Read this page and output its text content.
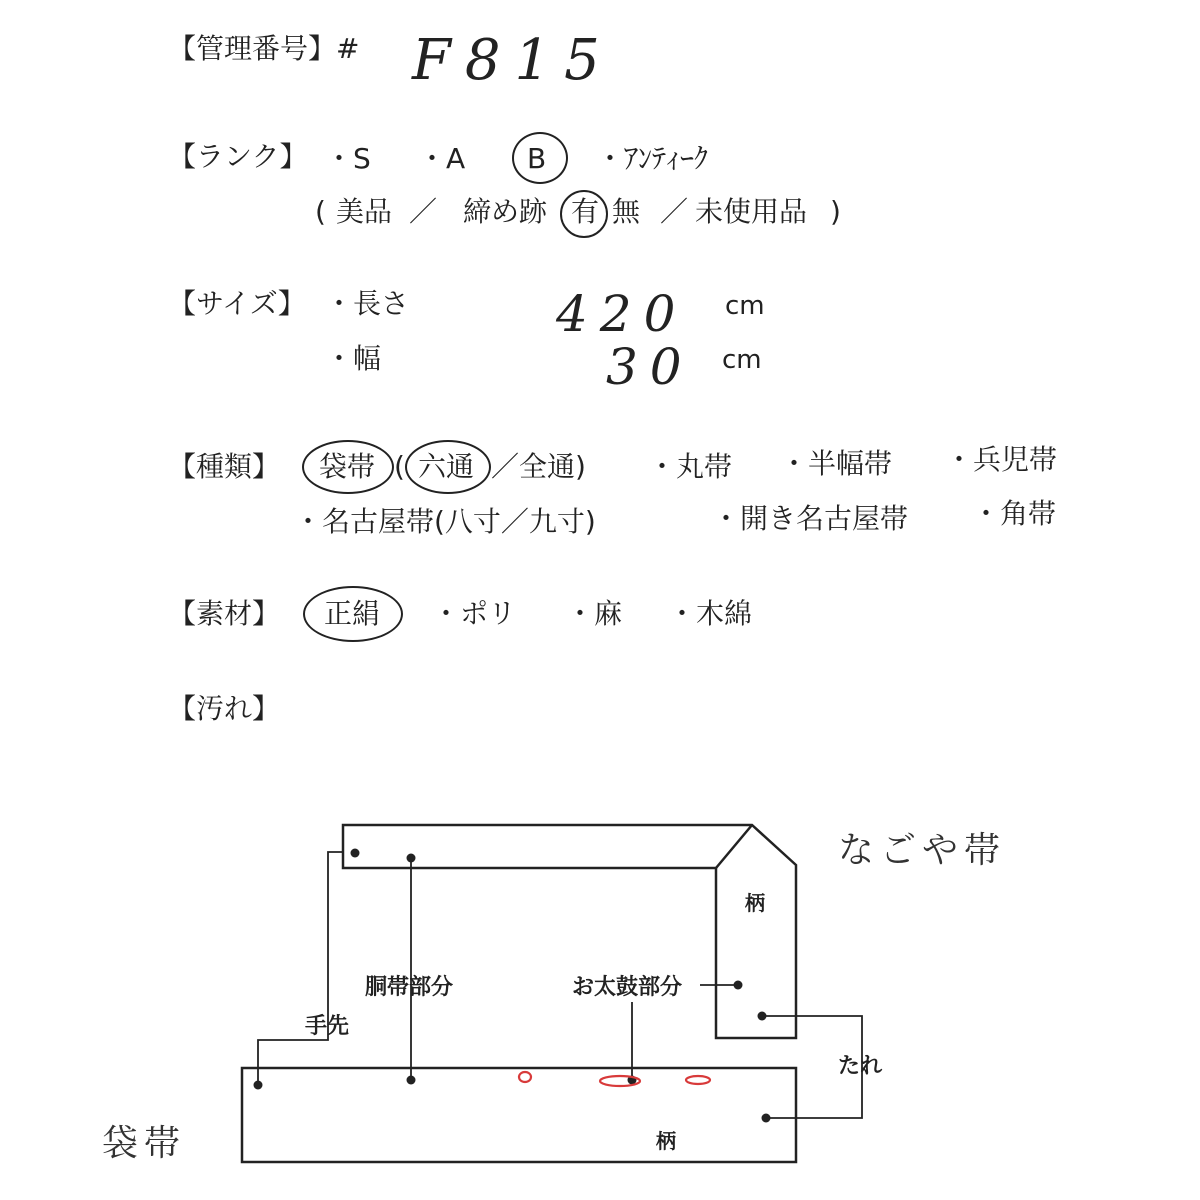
【管理番号】# F815
【ランク】 ・S ・A B ・ｱﾝﾃｨｰｸ
( 美品 ／ 締め跡 有 無 ／ 未使用品 )
【サイズ】 ・長さ	420 cm
・幅	30 cm
【種類】 袋帯 ( 六通 ／全通) ・丸帯 ・半幅帯 ・兵児帯
・名古屋帯(八寸／九寸)	・開き名古屋帯 ・角帯
【素材】 正絹 ・ポリ ・麻 ・木綿
【汚れ】
柄
柄
胴帯部分	お太鼓部分
手先
たれ
なごや帯
袋帯
